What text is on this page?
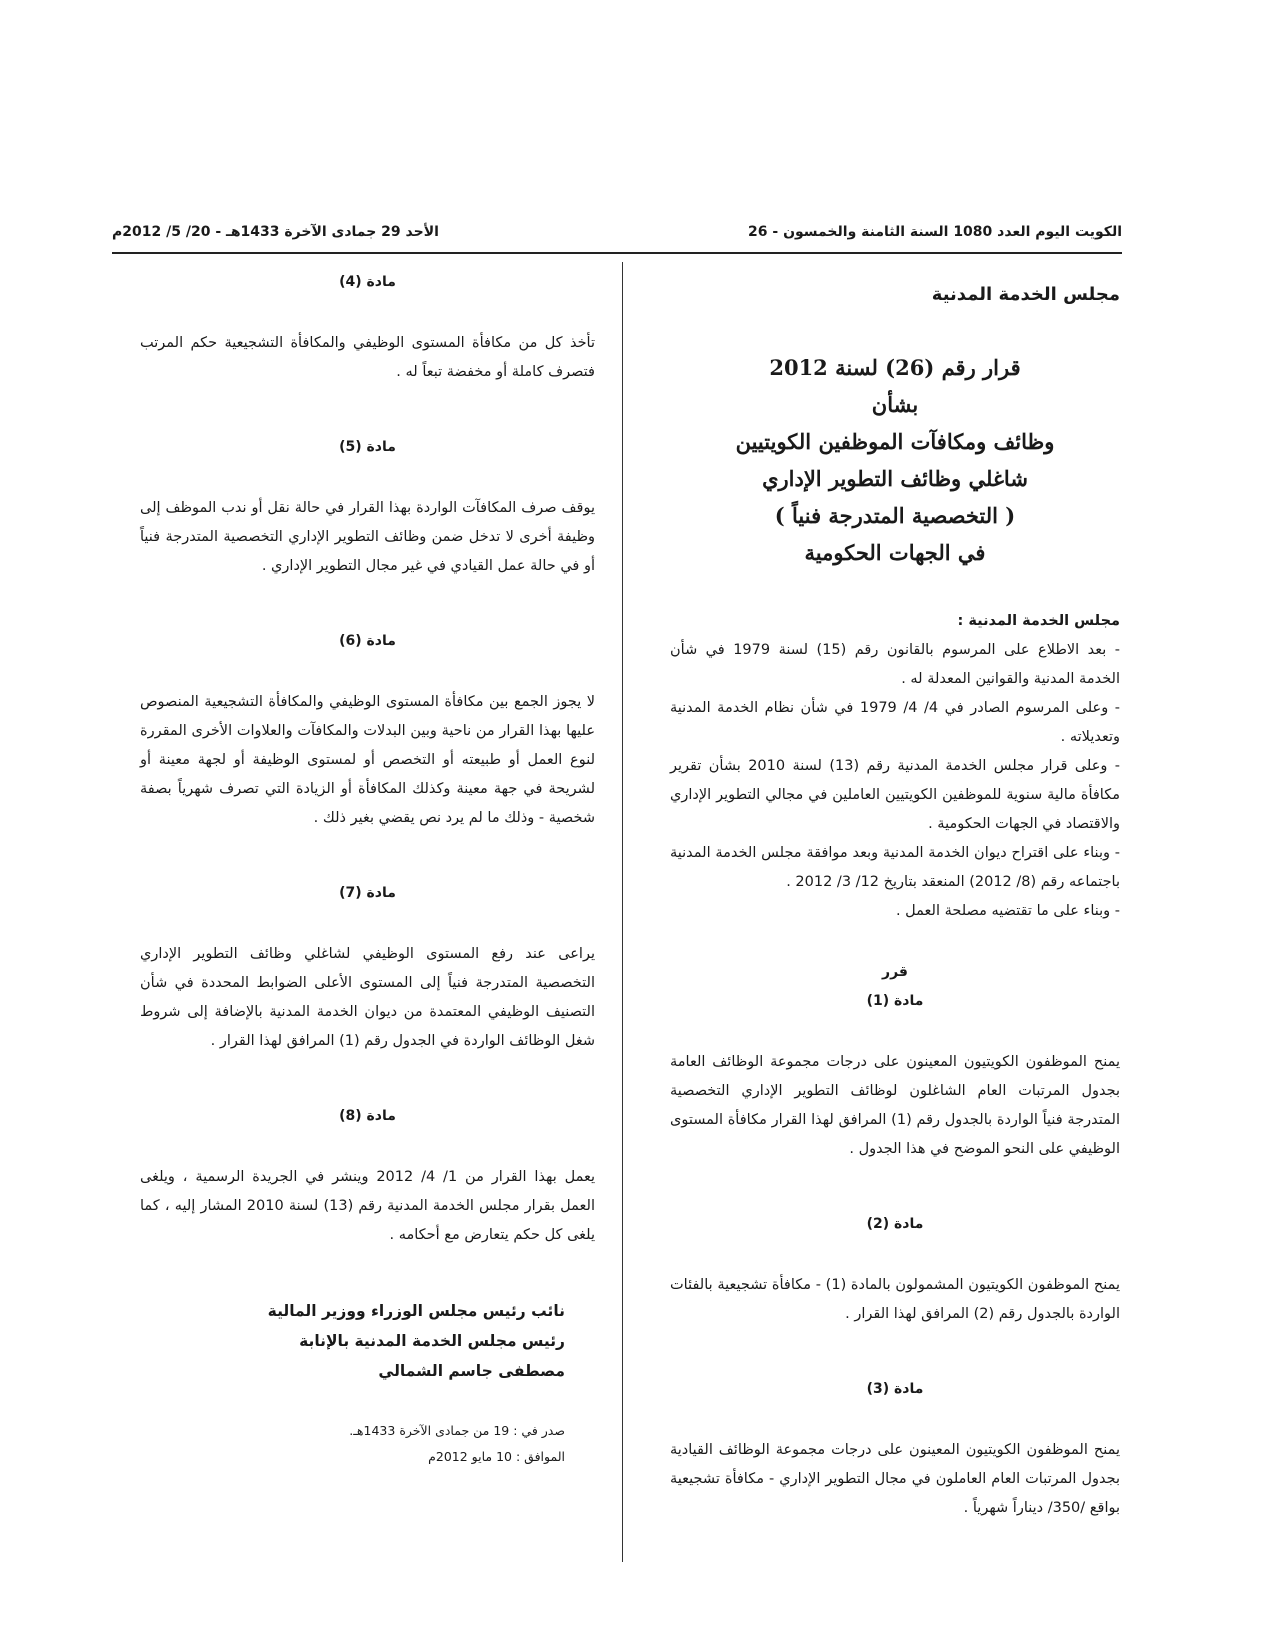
الكويت اليوم العدد 1080 السنة الثامنة والخمسون - 26
الأحد 29 جمادى الآخرة 1433هـ - 20/ 5/ 2012م

مجلس الخدمة المدنية

قرار رقم (26) لسنة 2012

بشأن

وظائف ومكافآت الموظفين الكويتيين

شاغلي وظائف التطوير الإداري

( التخصصية المتدرجة فنياً )

في الجهات الحكومية

مجلس الخدمة المدنية :

- بعد الاطلاع على المرسوم بالقانون رقم (15) لسنة 1979 في شأن الخدمة المدنية والقوانين المعدلة له .

- وعلى المرسوم الصادر في 4/ 4/ 1979 في شأن نظام الخدمة المدنية وتعديلاته .

- وعلى قرار مجلس الخدمة المدنية رقم (13) لسنة 2010 بشأن تقرير مكافأة مالية سنوية للموظفين الكويتيين العاملين في مجالي التطوير الإداري والاقتصاد في الجهات الحكومية .

- وبناء على اقتراح ديوان الخدمة المدنية وبعد موافقة مجلس الخدمة المدنية باجتماعه رقم (8/ 2012) المنعقد بتاريخ 12/ 3/ 2012 .

- وبناء على ما تقتضيه مصلحة العمل .

قرر

مادة (1)

يمنح الموظفون الكويتيون المعينون على درجات مجموعة الوظائف العامة بجدول المرتبات العام الشاغلون لوظائف التطوير الإداري التخصصية المتدرجة فنياً الواردة بالجدول رقم (1) المرافق لهذا القرار مكافأة المستوى الوظيفي على النحو الموضح في هذا الجدول .

مادة (2)

يمنح الموظفون الكويتيون المشمولون بالمادة (1) - مكافأة تشجيعية بالفئات الواردة بالجدول رقم (2) المرافق لهذا القرار .

مادة (3)

يمنح الموظفون الكويتيون المعينون على درجات مجموعة الوظائف القيادية بجدول المرتبات العام العاملون في مجال التطوير الإداري - مكافأة تشجيعية بواقع /350/ ديناراً شهرياً .

مادة (4)

تأخذ كل من مكافأة المستوى الوظيفي والمكافأة التشجيعية حكم المرتب فتصرف كاملة أو مخفضة تبعاً له .

مادة (5)

يوقف صرف المكافآت الواردة بهذا القرار في حالة نقل أو ندب الموظف إلى وظيفة أخرى لا تدخل ضمن وظائف التطوير الإداري التخصصية المتدرجة فنياً أو في حالة عمل القيادي في غير مجال التطوير الإداري .

مادة (6)

لا يجوز الجمع بين مكافأة المستوى الوظيفي والمكافأة التشجيعية المنصوص عليها بهذا القرار من ناحية وبين البدلات والمكافآت والعلاوات الأخرى المقررة لنوع العمل أو طبيعته أو التخصص أو لمستوى الوظيفة أو لجهة معينة أو لشريحة في جهة معينة وكذلك المكافأة أو الزيادة التي تصرف شهرياً بصفة شخصية - وذلك ما لم يرد نص يقضي بغير ذلك .

مادة (7)

يراعى عند رفع المستوى الوظيفي لشاغلي وظائف التطوير الإداري التخصصية المتدرجة فنياً إلى المستوى الأعلى الضوابط المحددة في شأن التصنيف الوظيفي المعتمدة من ديوان الخدمة المدنية بالإضافة إلى شروط شغل الوظائف الواردة في الجدول رقم (1) المرافق لهذا القرار .

مادة (8)

يعمل بهذا القرار من 1/ 4/ 2012 وينشر في الجريدة الرسمية ، ويلغى العمل بقرار مجلس الخدمة المدنية رقم (13) لسنة 2010 المشار إليه ، كما يلغى كل حكم يتعارض مع أحكامه .

نائب رئيس مجلس الوزراء ووزير المالية

رئيس مجلس الخدمة المدنية بالإنابة

مصطفى جاسم الشمالي

صدر في : 19 من جمادى الآخرة 1433هـ.

الموافق : 10 مايو 2012م
